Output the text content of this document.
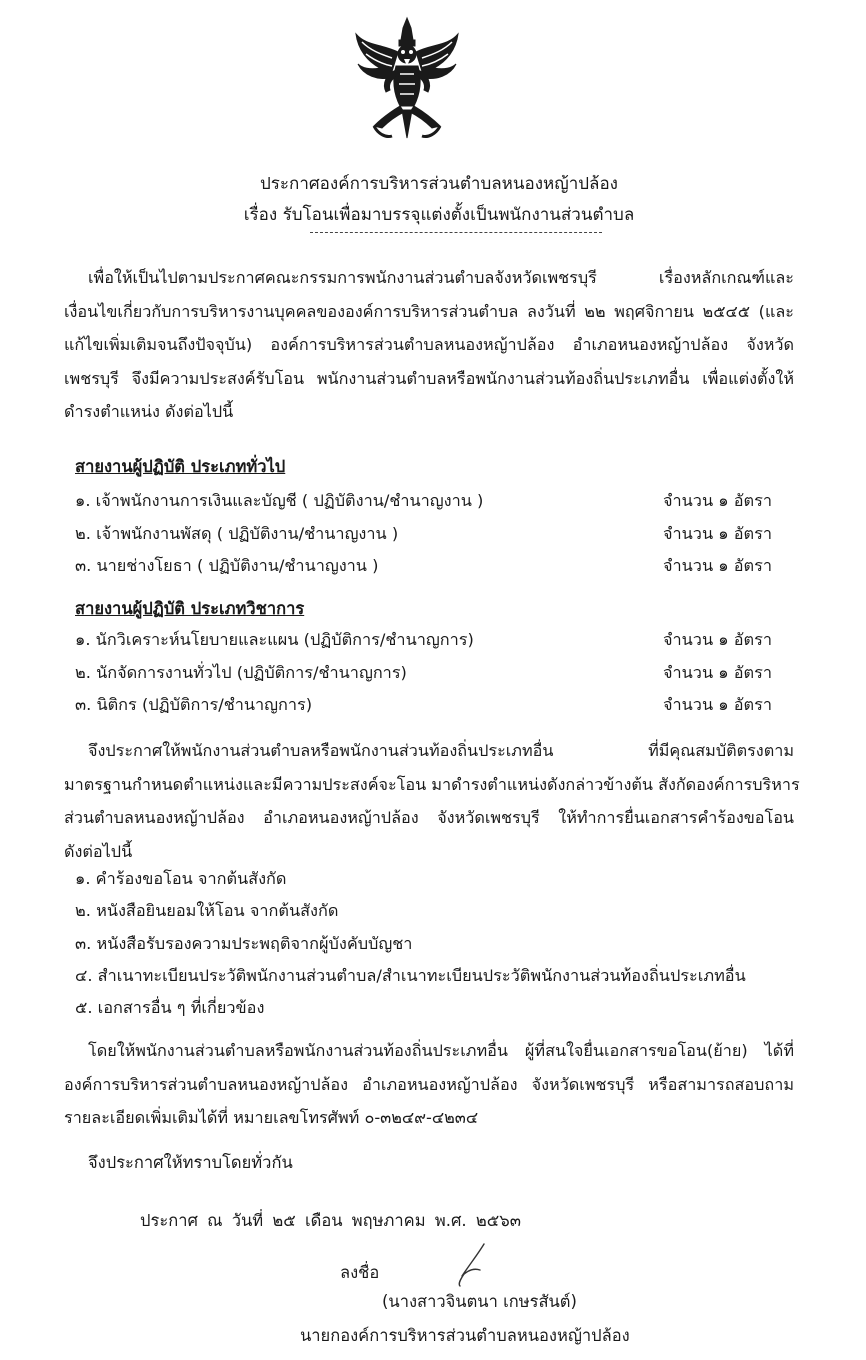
ประกาศองค์การบริหารส่วนตำบลหนองหญ้าปล้อง
เรื่อง รับโอนเพื่อมาบรรจุแต่งตั้งเป็นพนักงานส่วนตำบล
เพื่อให้เป็นไปตามประกาศคณะกรรมการพนักงานส่วนตำบลจังหวัดเพชรบุรี เรื่องหลักเกณฑ์และ
เงื่อนไขเกี่ยวกับการบริหารงานบุคคลขององค์การบริหารส่วนตำบล ลงวันที่ ๒๒ พฤศจิกายน ๒๕๔๕ (และ
แก้ไขเพิ่มเติมจนถึงปัจจุบัน) องค์การบริหารส่วนตำบลหนองหญ้าปล้อง อำเภอหนองหญ้าปล้อง จังหวัด
เพชรบุรี จึงมีความประสงค์รับโอน พนักงานส่วนตำบลหรือพนักงานส่วนท้องถิ่นประเภทอื่น เพื่อแต่งตั้งให้
ดำรงตำแหน่ง ดังต่อไปนี้
สายงานผู้ปฏิบัติ ประเภททั่วไป
๑. เจ้าพนักงานการเงินและบัญชี ( ปฏิบัติงาน/ชำนาญงาน )	จำนวน ๑ อัตรา
๒. เจ้าพนักงานพัสดุ ( ปฏิบัติงาน/ชำนาญงาน )	จำนวน ๑ อัตรา
๓. นายช่างโยธา ( ปฏิบัติงาน/ชำนาญงาน )	จำนวน ๑ อัตรา
สายงานผู้ปฏิบัติ ประเภทวิชาการ
๑. นักวิเคราะห์นโยบายและแผน (ปฏิบัติการ/ชำนาญการ)	จำนวน ๑ อัตรา
๒. นักจัดการงานทั่วไป (ปฏิบัติการ/ชำนาญการ)	จำนวน ๑ อัตรา
๓. นิติกร (ปฏิบัติการ/ชำนาญการ)	จำนวน ๑ อัตรา
จึงประกาศให้พนักงานส่วนตำบลหรือพนักงานส่วนท้องถิ่นประเภทอื่น ที่มีคุณสมบัติตรงตาม
มาตรฐานกำหนดตำแหน่งและมีความประสงค์จะโอน มาดำรงตำแหน่งดังกล่าวข้างต้น สังกัดองค์การบริหาร
ส่วนตำบลหนองหญ้าปล้อง อำเภอหนองหญ้าปล้อง จังหวัดเพชรบุรี ให้ทำการยื่นเอกสารคำร้องขอโอน
ดังต่อไปนี้
๑. คำร้องขอโอน จากต้นสังกัด
๒. หนังสือยินยอมให้โอน จากต้นสังกัด
๓. หนังสือรับรองความประพฤติจากผู้บังคับบัญชา
๔. สำเนาทะเบียนประวัติพนักงานส่วนตำบล/สำเนาทะเบียนประวัติพนักงานส่วนท้องถิ่นประเภทอื่น
๕. เอกสารอื่น ๆ ที่เกี่ยวข้อง
โดยให้พนักงานส่วนตำบลหรือพนักงานส่วนท้องถิ่นประเภทอื่น ผู้ที่สนใจยื่นเอกสารขอโอน(ย้าย) ได้ที่
องค์การบริหารส่วนตำบลหนองหญ้าปล้อง อำเภอหนองหญ้าปล้อง จังหวัดเพชรบุรี หรือสามารถสอบถาม
รายละเอียดเพิ่มเติมได้ที่ หมายเลขโทรศัพท์ ๐-๓๒๔๙-๔๒๓๔
จึงประกาศให้ทราบโดยทั่วกัน
ประกาศ ณ วันที่ ๒๕ เดือน พฤษภาคม พ.ศ. ๒๕๖๓
ลงชื่อ
(นางสาวจินตนา เกษรสันต์)
นายกองค์การบริหารส่วนตำบลหนองหญ้าปล้อง
